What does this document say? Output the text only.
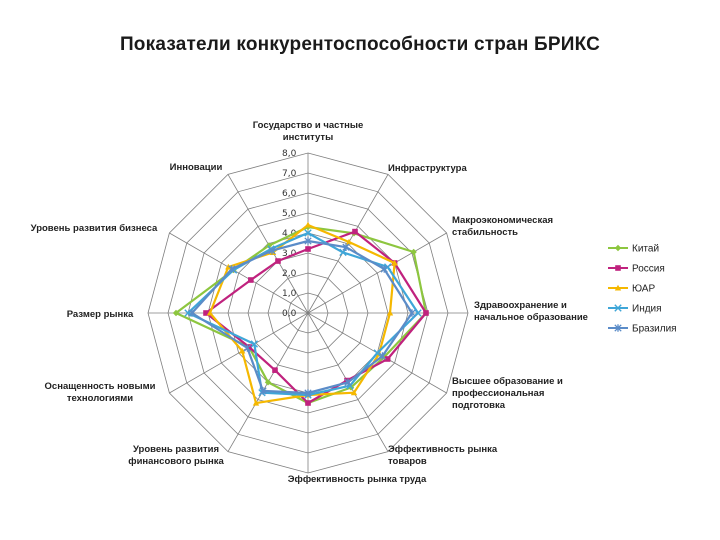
Показатели конкурентоспособности стран БРИКС
0,0
1,0
2,0
3,0
4,0
5,0
6,0
7,0
8,0
Государство и частные институты
Инфраструктура
Макроэкономическая стабильность
Здравоохранение и начальное образование
Высшее образование и профессиональная подготовка
Эффективность рынка товаров
Эффективность рынка труда
Уровень развития финансового рынка
Оснащенность новыми технологиями
Размер рынка
Уровень развития бизнеса
Инновации
Китай
Россия
ЮАР
Индия
Бразилия
